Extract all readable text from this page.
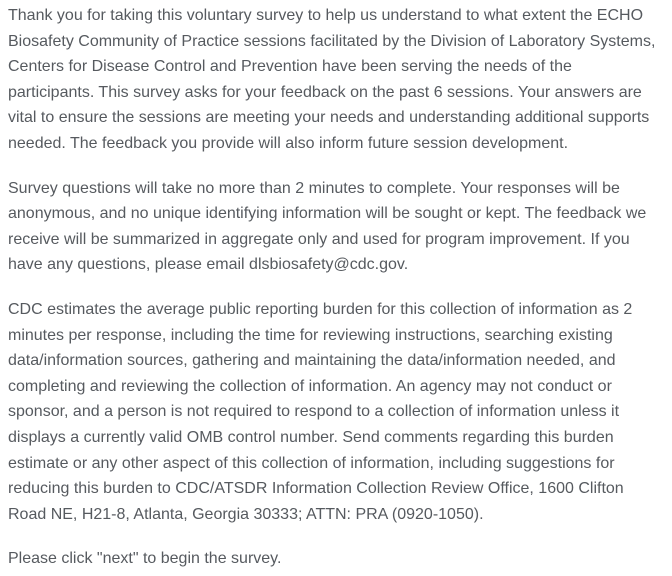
Thank you for taking this voluntary survey to help us understand to what extent the ECHO Biosafety Community of Practice sessions facilitated by the Division of Laboratory Systems, Centers for Disease Control and Prevention have been serving the needs of the participants. This survey asks for your feedback on the past 6 sessions. Your answers are vital to ensure the sessions are meeting your needs and understanding additional supports needed. The feedback you provide will also inform future session development.

Survey questions will take no more than 2 minutes to complete. Your responses will be anonymous, and no unique identifying information will be sought or kept. The feedback we receive will be summarized in aggregate only and used for program improvement. If you have any questions, please email dlsbiosafety@cdc.gov.

CDC estimates the average public reporting burden for this collection of information as 2 minutes per response, including the time for reviewing instructions, searching existing data/information sources, gathering and maintaining the data/information needed, and completing and reviewing the collection of information. An agency may not conduct or sponsor, and a person is not required to respond to a collection of information unless it displays a currently valid OMB control number. Send comments regarding this burden estimate or any other aspect of this collection of information, including suggestions for reducing this burden to CDC/ATSDR Information Collection Review Office, 1600 Clifton Road NE, H21-8, Atlanta, Georgia 30333; ATTN: PRA (0920-1050).

Please click "next" to begin the survey.
